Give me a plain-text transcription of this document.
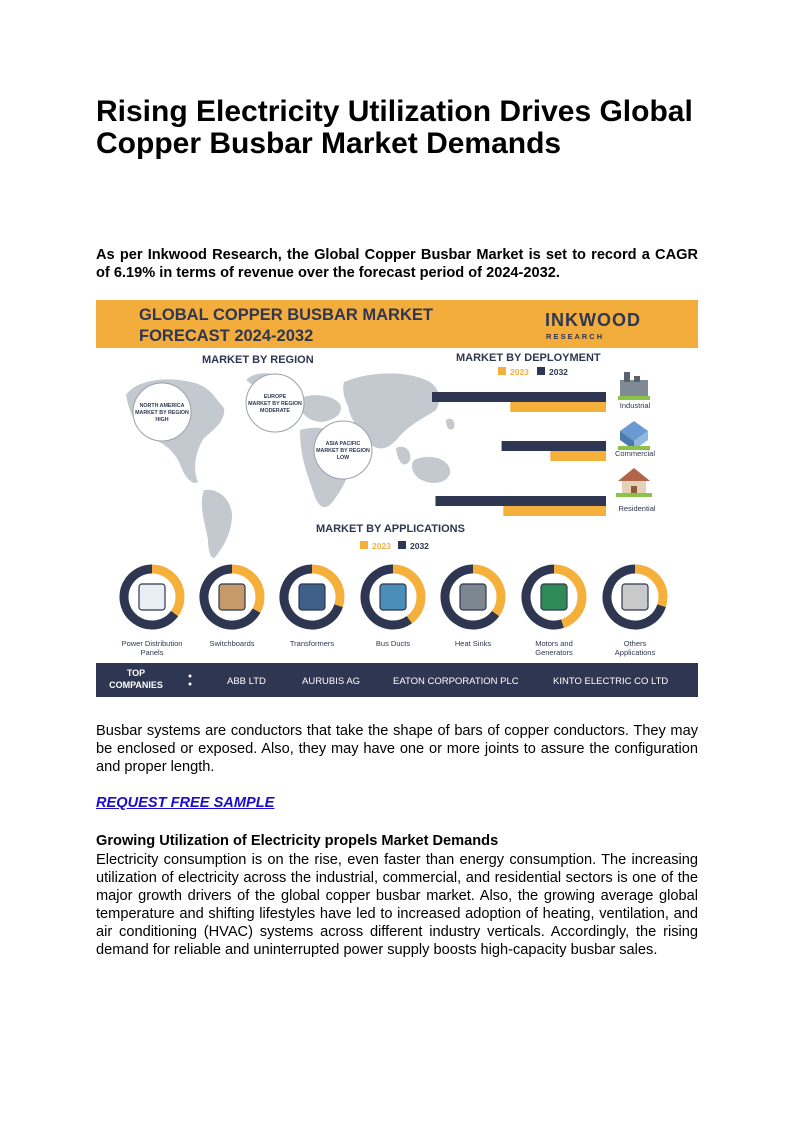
Rising Electricity Utilization Drives Global Copper Busbar Market Demands

As per Inkwood Research, the Global Copper Busbar Market is set to record a CAGR of 6.19% in terms of revenue over the forecast period of 2024-2032.

GLOBAL COPPER BUSBAR MARKET
FORECAST 2024-2032
INKWOOD
R E S E A R C H
MARKET BY REGION
NORTH AMERICA
MARKET BY REGION
HIGH
EUROPE
MARKET BY REGION
MODERATE
ASIA PACIFIC
MARKET BY REGION
LOW
MARKET BY DEPLOYMENT
2023 2032
Industrial
Commercial
Residential
MARKET BY APPLICATIONS
2023 2032
Power Distribution Panels
Switchboards	Transformers	Bus Ducts	Heat Sinks	Motors and Generators
Others Applications
TOP
COMPANIES	ABB LTD	AURUBIS AG	EATON CORPORATION PLC	KINTO ELECTRIC CO LTD

Busbar systems are conductors that take the shape of bars of copper conductors. They may be enclosed or exposed. Also, they may have one or more joints to assure the configuration and proper length.

REQUEST FREE SAMPLE

Growing Utilization of Electricity propels Market Demands

Electricity consumption is on the rise, even faster than energy consumption. The increasing utilization of electricity across the industrial, commercial, and residential sectors is one of the major growth drivers of the global copper busbar market. Also, the growing average global temperature and shifting lifestyles have led to increased adoption of heating, ventilation, and air conditioning (HVAC) systems across different industry verticals. Accordingly, the rising demand for reliable and uninterrupted power supply boosts high-capacity busbar sales.
